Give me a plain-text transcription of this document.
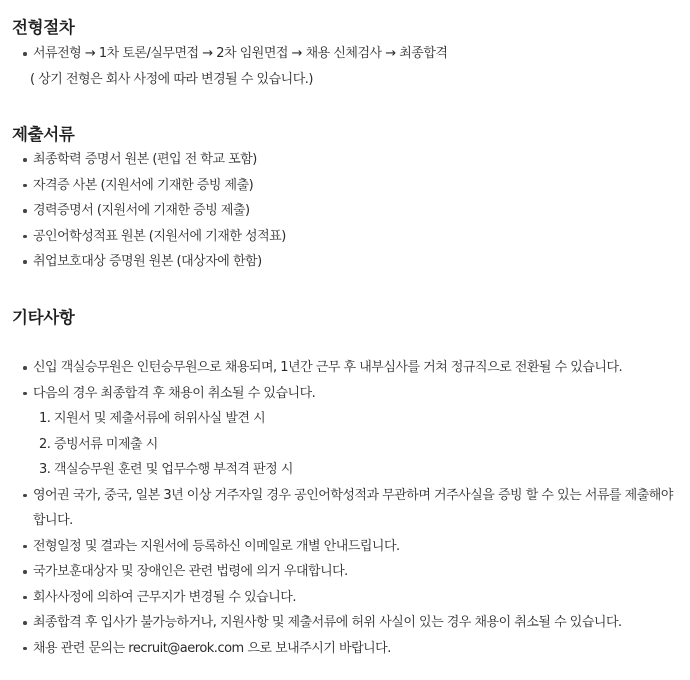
전형절차
서류전형 → 1차 토론/실무면접 → 2차 임원면접 → 채용 신체검사 → 최종합격
( 상기 전형은 회사 사정에 따라 변경될 수 있습니다.)
제출서류
최종학력 증명서 원본 (편입 전 학교 포함)
자격증 사본 (지원서에 기재한 증빙 제출)
경력증명서 (지원서에 기재한 증빙 제출)
공인어학성적표 원본 (지원서에 기재한 성적표)
취업보호대상 증명원 원본 (대상자에 한함)
기타사항
신입 객실승무원은 인턴승무원으로 채용되며, 1년간 근무 후 내부심사를 거쳐 정규직으로 전환될 수 있습니다.
다음의 경우 최종합격 후 채용이 취소될 수 있습니다.
1. 지원서 및 제출서류에 허위사실 발견 시
2. 증빙서류 미제출 시
3. 객실승무원 훈련 및 업무수행 부적격 판정 시
영어권 국가, 중국, 일본 3년 이상 거주자일 경우 공인어학성적과 무관하며 거주사실을 증빙 할 수 있는 서류를 제출해야 합니다.
전형일정 및 결과는 지원서에 등록하신 이메일로 개별 안내드립니다.
국가보훈대상자 및 장애인은 관련 법령에 의거 우대합니다.
회사사정에 의하여 근무지가 변경될 수 있습니다.
최종합격 후 입사가 불가능하거나, 지원사항 및 제출서류에 허위 사실이 있는 경우 채용이 취소될 수 있습니다.
채용 관련 문의는 recruit@aerok.com 으로 보내주시기 바랍니다.
